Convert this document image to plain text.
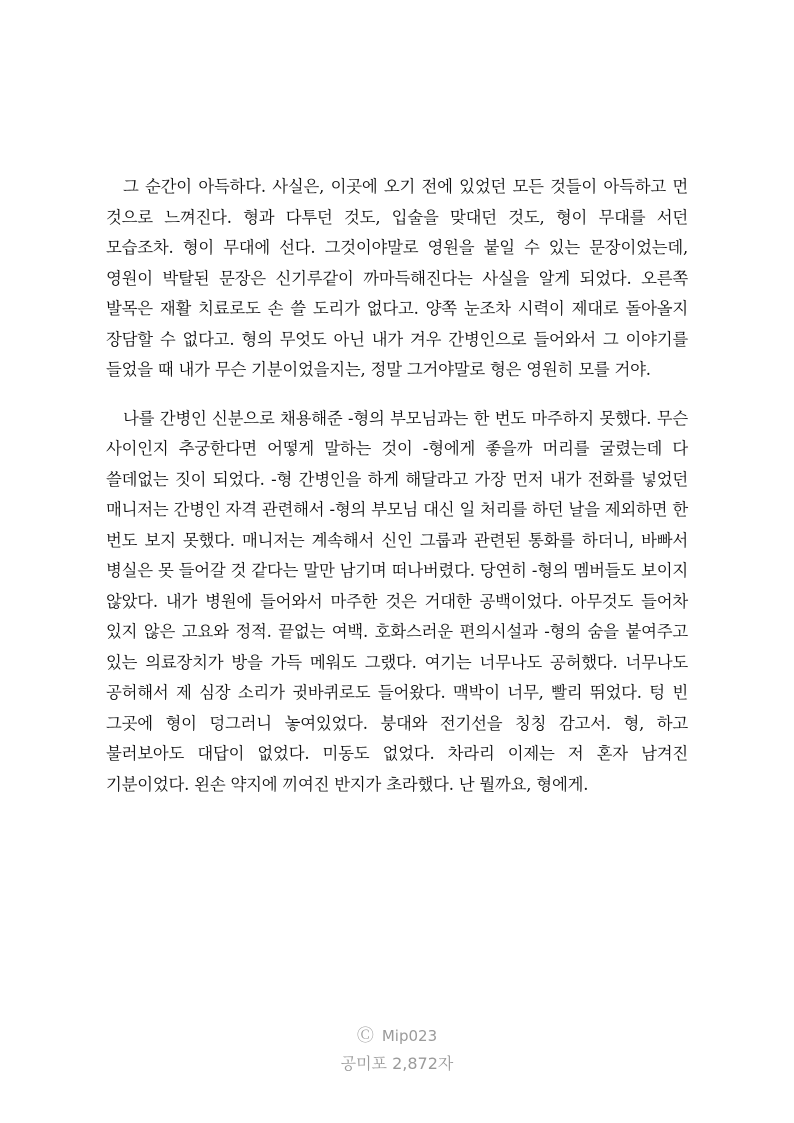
그 순간이 아득하다. 사실은, 이곳에 오기 전에 있었던 모든 것들이 아득하고 먼 것으로 느껴진다. 형과 다투던 것도, 입술을 맞대던 것도, 형이 무대를 서던 모습조차. 형이 무대에 선다. 그것이야말로 영원을 붙일 수 있는 문장이었는데, 영원이 박탈된 문장은 신기루같이 까마득해진다는 사실을 알게 되었다. 오른쪽 발목은 재활 치료로도 손 쓸 도리가 없다고. 양쪽 눈조차 시력이 제대로 돌아올지 장담할 수 없다고. 형의 무엇도 아닌 내가 겨우 간병인으로 들어와서 그 이야기를 들었을 때 내가 무슨 기분이었을지는, 정말 그거야말로 형은 영원히 모를 거야.

나를 간병인 신분으로 채용해준 -형의 부모님과는 한 번도 마주하지 못했다. 무슨 사이인지 추궁한다면 어떻게 말하는 것이 -형에게 좋을까 머리를 굴렸는데 다 쓸데없는 짓이 되었다. -형 간병인을 하게 해달라고 가장 먼저 내가 전화를 넣었던 매니저는 간병인 자격 관련해서 -형의 부모님 대신 일 처리를 하던 날을 제외하면 한 번도 보지 못했다. 매니저는 계속해서 신인 그룹과 관련된 통화를 하더니, 바빠서 병실은 못 들어갈 것 같다는 말만 남기며 떠나버렸다. 당연히 -형의 멤버들도 보이지 않았다. 내가 병원에 들어와서 마주한 것은 거대한 공백이었다. 아무것도 들어차 있지 않은 고요와 정적. 끝없는 여백. 호화스러운 편의시설과 -형의 숨을 붙여주고 있는 의료장치가 방을 가득 메워도 그랬다. 여기는 너무나도 공허했다. 너무나도 공허해서 제 심장 소리가 귓바퀴로도 들어왔다. 맥박이 너무, 빨리 뛰었다. 텅 빈 그곳에 형이 덩그러니 놓여있었다. 붕대와 전기선을 칭칭 감고서. 형, 하고 불러보아도 대답이 없었다. 미동도 없었다. 차라리 이제는 저 혼자 남겨진 기분이었다. 왼손 약지에 끼여진 반지가 초라했다. 난 뭘까요, 형에게.

Ⓒ Mip023
공미포 2,872자
